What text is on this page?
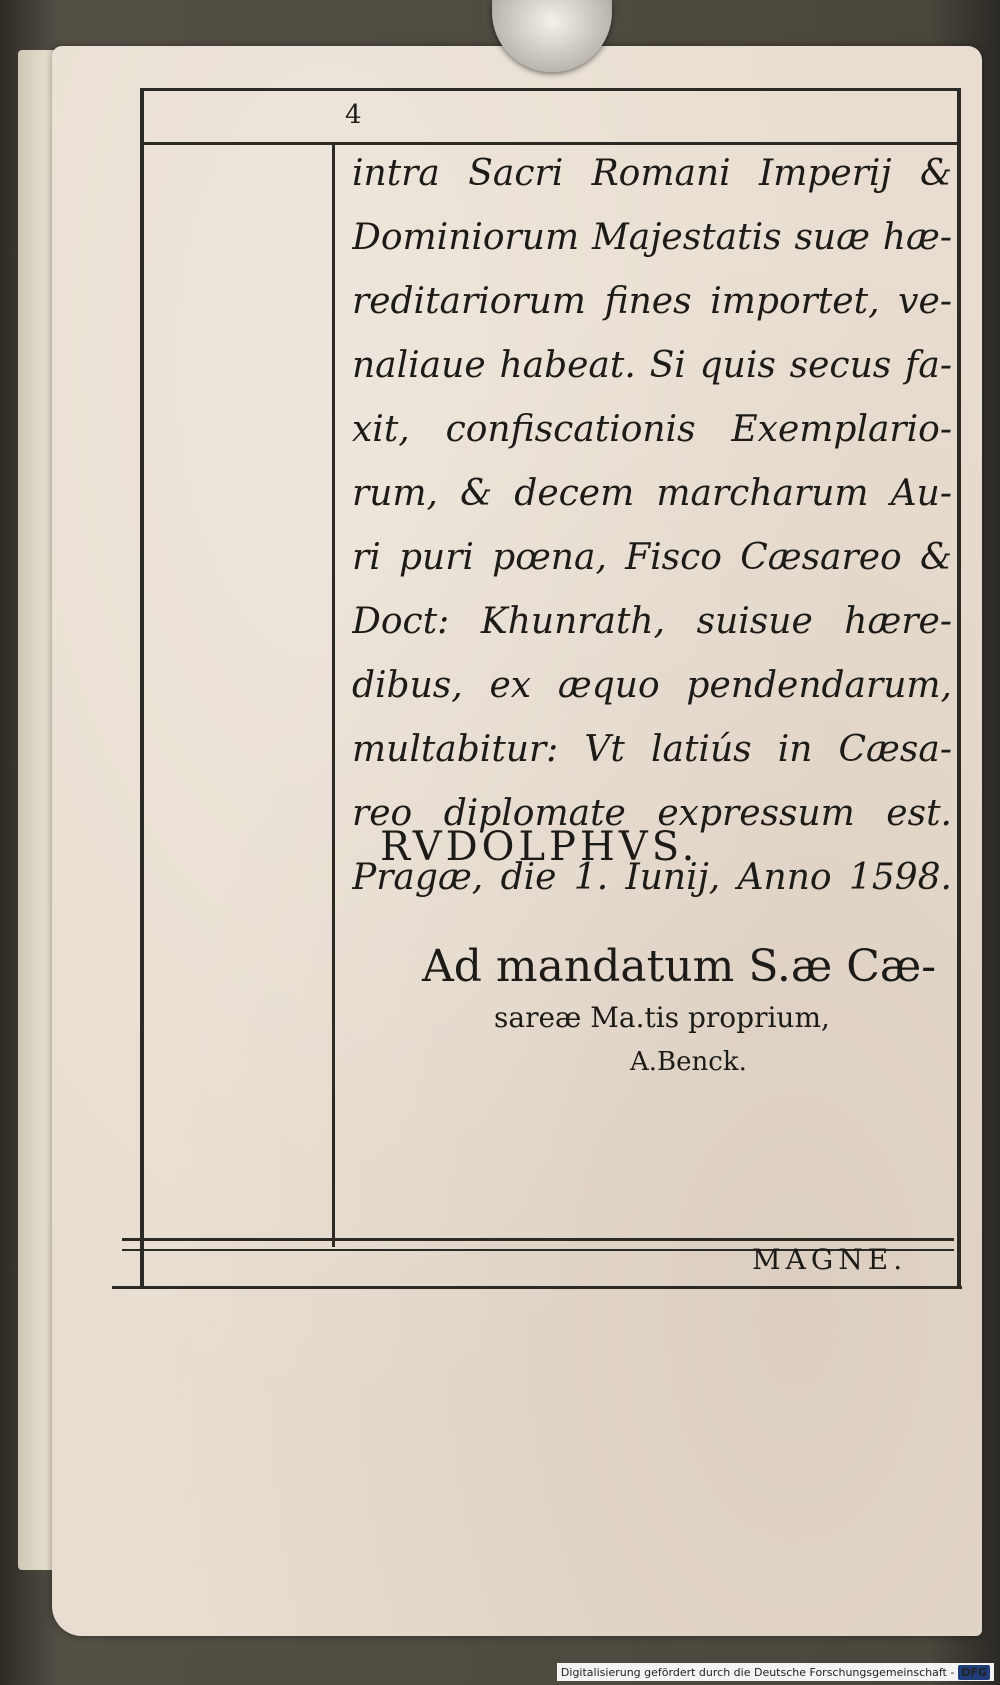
4

intra Sacri Romani Imperij &
Dominiorum Majestatis suæ hæ-
reditariorum fines importet, ve-
naliaue habeat. Si quis secus fa-
xit, confiscationis Exemplario-
rum, & decem marcharum Au-
ri puri pœna, Fisco Cæsareo &
Doct: Khunrath, suisue hære-
dibus, ex æquo pendendarum,
multabitur: Vt latiús in Cæsa-
reo diplomate expressum est.
Pragæ, die 1. Iunij, Anno 1598.

RVDOLPHVS.

Ad mandatum S.æ Cæ-
sareæ Ma.tis proprium,
A.Benck.

MAGNE.

Digitalisierung gefördert durch die Deutsche Forschungsgemeinschaft - DFG
